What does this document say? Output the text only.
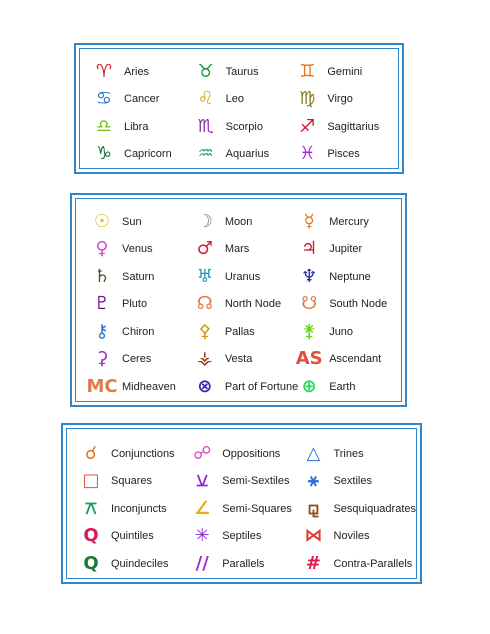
♈ Aries	♉ Taurus ♊ Gemini
♋ Cancer ♌ Leo	♍ Virgo
♎ Libra	♏ Scorpio ♐ Sagittarius
♑ Capricorn ♒ Aquarius ♓ Pisces
☉ Sun	☽ Moon	☿ Mercury
♀ Venus ♂ Mars	♃ Jupiter
♄ Saturn ♅ Uranus ♆ Neptune
♇ Pluto	☊ North Node ☋ South Node
⚷ Chiron ⚴ Pallas	⚵ Juno
⚳ Ceres	⚶ Vesta AS Ascendant
MC Midheaven ⊗ Part of Fortune ⊕ Earth
☌ Conjunctions ☍ Oppositions △ Trines
□ Squares ⚺ Semi-Sextiles ⚹ Sextiles
⚻ Inconjuncts ∠ Semi-Squares ⚼ Sesquiquadrates
Q Quintiles ✳ Septiles ⋈ Noviles
Q Quindeciles // Parallels # Contra-Parallels
